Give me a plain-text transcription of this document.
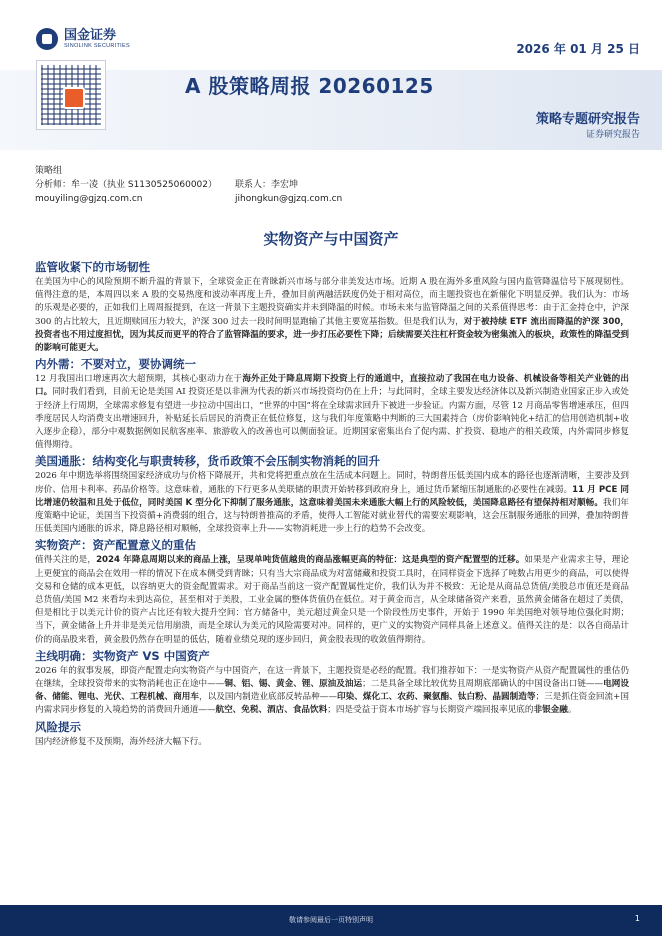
国金证券
SINOLINK SECURITIES	2026 年 01 月 25 日
A 股策略周报 20260125
策略专题研究报告
证券研究报告
策略组
分析师：牟一凌（执业 S1130525060002）	联系人：李宏坤
mouyiling@gjzq.com.cn	jihongkun@gjzq.com.cn
实物资产与中国资产
监管收紧下的市场韧性

在美国为中心的风险预期不断升温的背景下，全球资金正在青睐新兴市场与部分非美发达市场。近期 A 股在海外多重风险与国内监管降温信号下展现韧性。值得注意的是，本周四以来 A 股的交易热度和波动率再度上升，叠加目前两融活跃度仍处于相对高位，而主题投资也在新催化下明显反弹。我们认为：市场的乐观是必要的，正如我们上周周报提到，在这一背景下主题投资确实并未到降温的时候。市场未来与监管降温之间的关系值得思考：由于汇金持仓中，沪深 300 的占比较大，且近期赎回压力较大，沪深 300 过去一段时间明显跑输了其他主要宽基指数。但是我们认为，对于被持续 ETF 流出而降温的沪深 300，投资者也不用过度担忧，因为其反而更平的符合了监管降温的要求，进一步打压必要性下降；后续需要关注杠杆资金较为密集流入的板块，政策性的降温受到的影响可能更大。

内外需：不要对立，要协调统一

12 月我国出口增速再次大超预期，其核心驱动力在于海外正处于降息周期下投资上行的通道中，直接拉动了我国在电力设备、机械设备等相关产业链的出口。同时我们看到，目前无论是美国 AI 投资还是以非洲为代表的新兴市场投资均仍在上升；与此同时，全球主要发达经济体以及新兴制造业国家正步入或处于经济上行周期，全球需求修复有望进一步拉动中国出口，“世界的中国”将在全球需求回升下被进一步验证。内需方面，尽管 12 月商品零售增速承压，但四季度居民人均消费支出增速回升，补贴延长后居民的消费正在低位修复，这与我们年度策略中判断的三大国素持合（房价影响钝化+结汇的信用创造机制+收入逐步企稳），部分中观数据例如民航客座率、旅游收入的改善也可以侧面验证。近期国家密集出台了促内需、扩投资、稳地产的相关政策，内外需同步修复值得期待。

美国通胀：结构变化与职责转移，货币政策不会压制实物消耗的回升

2026 年中期选举将围绕国家经济成功与价格下降展开，共和党将把重点放在生活成本问题上。同时，特朗普压低美国内成本的路径也逐渐清晰，主要涉及到房价、信用卡利率、药品价格等。这意味着，通胀的下行更多从美联储的职责开始转移到政府身上，通过货币紧缩压制通胀的必要性在减弱。11 月 PCE 同比增速仍较温和且处于低位，同时美国 K 型分化下抑制了服务通胀，这意味着美国未来通胀大幅上行的风险较低，美国降息路径有望保持相对顺畅。我们年度策略中论证，美国当下投资循+消费弱的组合，这与特朗普推高的矛盾，使得人工智能对就业替代的需要宏观影响，这会压制服务通胀的回弹，叠加特朗普压低美国内通胀的诉求，降息路径相对顺畅，全球投资率上升——实物消耗进一步上行的趋势不会改变。

实物资产：资产配置意义的重估

值得关注的是，2024 年降息周期以来的商品上涨，呈现单吨货值越贵的商品涨幅更高的特征：这是典型的资产配置型的迁移。如果是产业需求主导，理论上更便宜的商品会在效用一样的情况下在成本侧受到青睐；只有当大宗商品成为对富储藏和投资工具时，在同样资金下选择了吨数占用更少的商品，可以使得交易和仓储的成本更低，以容纳更大的资金配置需求。对于商品当前这一资产配置属性定价，我们认为并不极致：无论是从商品总货值/美股总市值还是商品总货值/美国 M2 来看均未到达高位，甚至相对于美股，工业金属的整体货值仍在低位。对于黄金而言，从全球储备资产来看，虽然黄金储备在超过了美债，但是相比于以美元计价的资产占比还有较大提升空间：官方储备中，美元超过黄金只是一个阶段性历史事件，开始于 1990 年美国绝对领导地位强化时期；当下，黄金储备上升并非是美元信用崩溃，而是全球认为美元的风险需要对冲。同样的，更广义的实物资产同样具备上述意义。值得关注的是：以各自商品计价的商品股来看，黄金股仍然存在明显的低估，随着业绩兑现的逐步回归，黄金股表现的收敛值得期待。

主线明确：实物资产 VS 中国资产

2026 年的叙事发展，即资产配置走向实物资产与中国资产，在这一背景下，主题投资是必经的配置。我们推荐如下：一是实物资产从资产配置属性的重估仍在继续，全球投资带来的实物消耗也正在途中——铜、铝、锡、黄金、锂、原油及油运；二是具备全球比较优势且周期底部确认的中国设备出口链——电网设备、储能、锂电、光伏、工程机械、商用车，以及国内制造业底部反转品种——印染、煤化工、农药、聚氨酯、钛白粉、晶圆制造等；三是抓住资金回流+国内需求同步修复的入境趋势的消费回升通道——航空、免税、酒店、食品饮料；四是受益于资本市场扩容与长期资产端回报率见底的非银金融。

风险提示

国内经济修复不及预期，海外经济大幅下行。

敬请参阅最后一页特别声明	1
